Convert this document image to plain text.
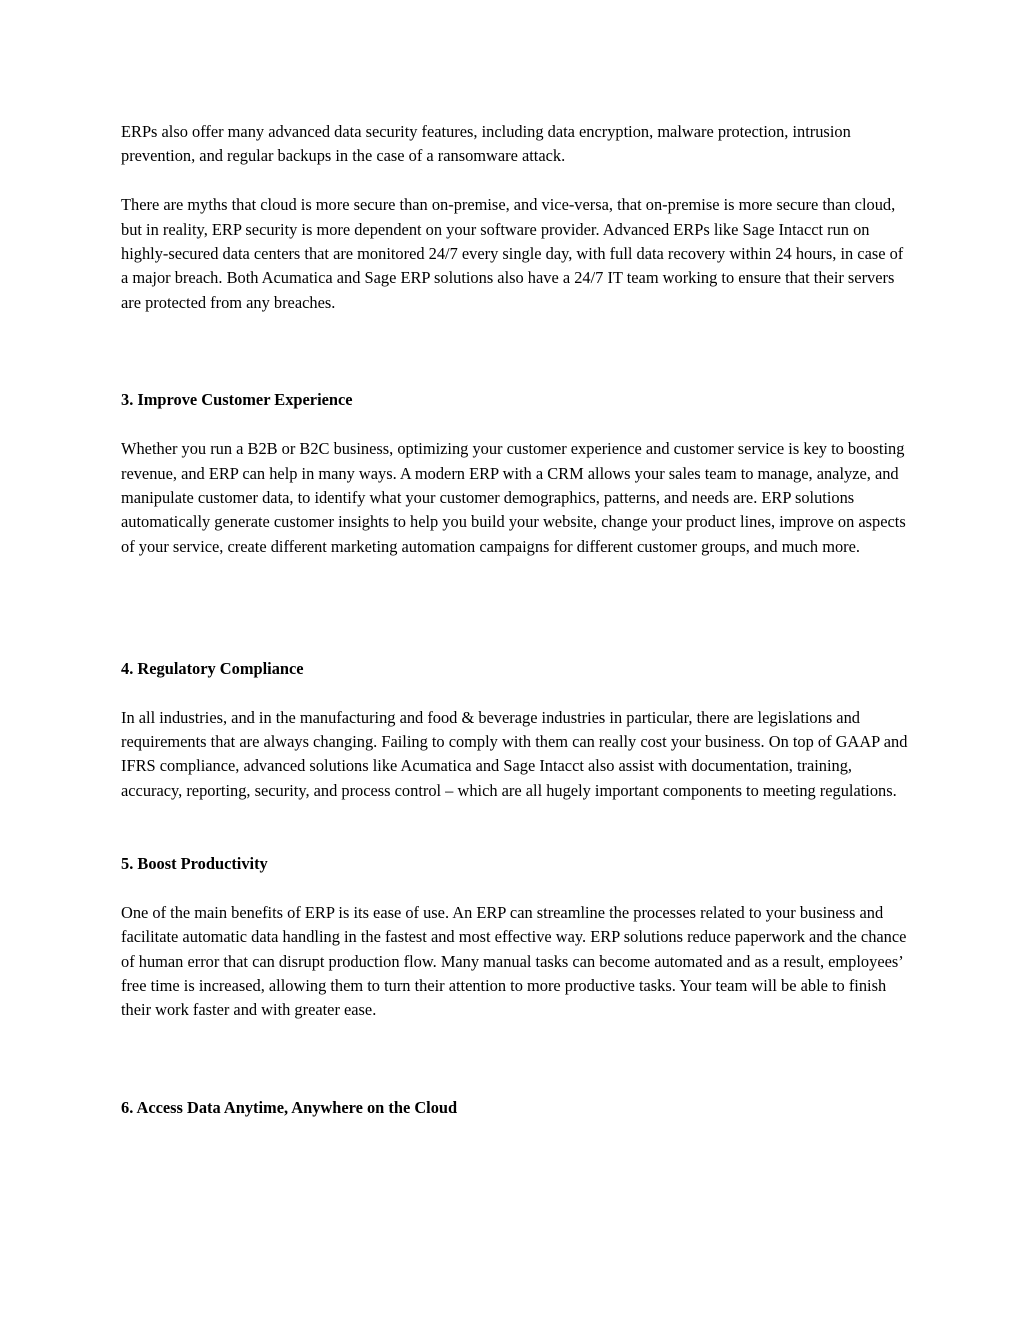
ERPs also offer many advanced data security features, including data encryption, malware protection, intrusion prevention, and regular backups in the case of a ransomware attack.

There are myths that cloud is more secure than on-premise, and vice-versa, that on-premise is more secure than cloud, but in reality, ERP security is more dependent on your software provider. Advanced ERPs like Sage Intacct run on highly-secured data centers that are monitored 24/7 every single day, with full data recovery within 24 hours, in case of a major breach. Both Acumatica and Sage ERP solutions also have a 24/7 IT team working to ensure that their servers are protected from any breaches.

3. Improve Customer Experience

Whether you run a B2B or B2C business, optimizing your customer experience and customer service is key to boosting revenue, and ERP can help in many ways. A modern ERP with a CRM allows your sales team to manage, analyze, and manipulate customer data, to identify what your customer demographics, patterns, and needs are. ERP solutions automatically generate customer insights to help you build your website, change your product lines, improve on aspects of your service, create different marketing automation campaigns for different customer groups, and much more.

4. Regulatory Compliance

In all industries, and in the manufacturing and food & beverage industries in particular, there are legislations and requirements that are always changing. Failing to comply with them can really cost your business. On top of GAAP and IFRS compliance, advanced solutions like Acumatica and Sage Intacct also assist with documentation, training, accuracy, reporting, security, and process control – which are all hugely important components to meeting regulations.

5. Boost Productivity

One of the main benefits of ERP is its ease of use. An ERP can streamline the processes related to your business and facilitate automatic data handling in the fastest and most effective way. ERP solutions reduce paperwork and the chance of human error that can disrupt production flow. Many manual tasks can become automated and as a result, employees’ free time is increased, allowing them to turn their attention to more productive tasks. Your team will be able to finish their work faster and with greater ease.

6. Access Data Anytime, Anywhere on the Cloud
